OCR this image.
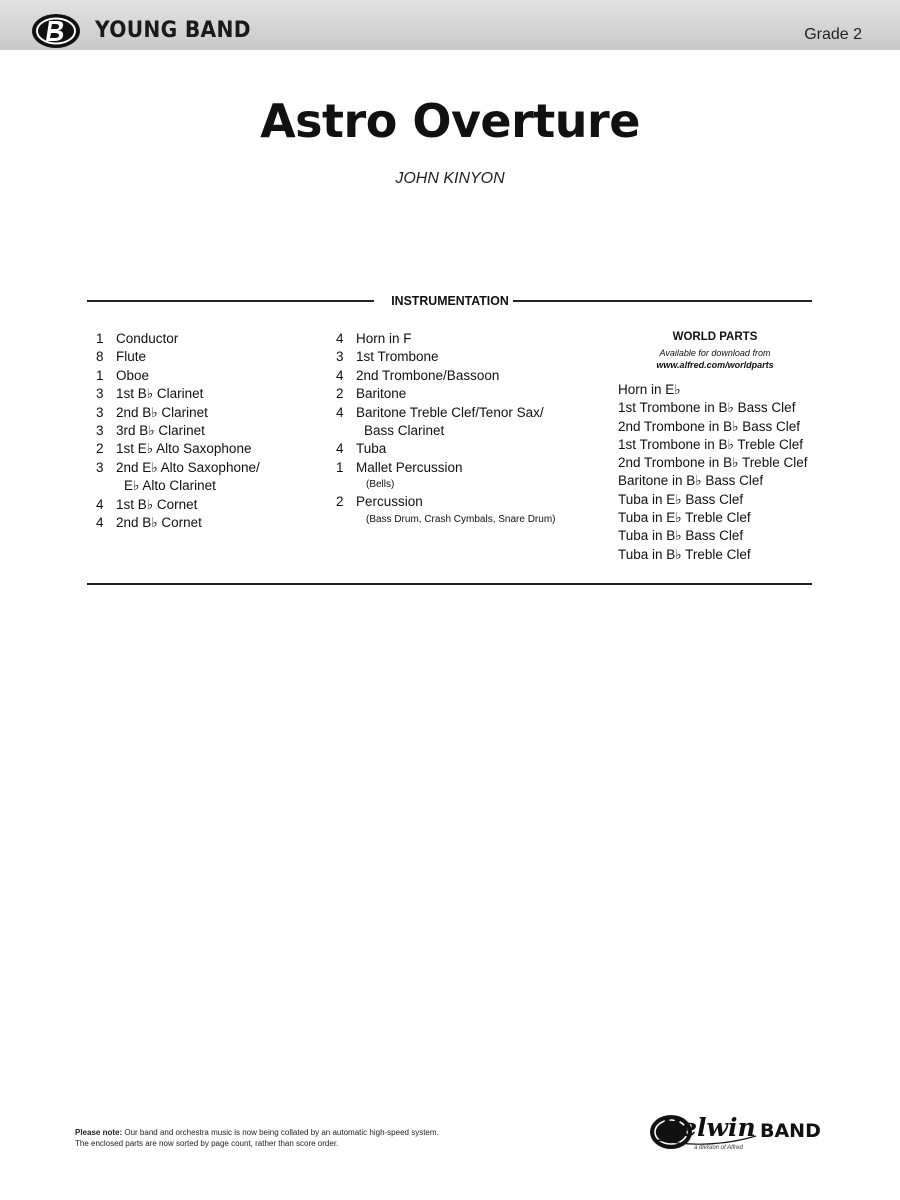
YOUNG BAND	Grade 2
Astro Overture
JOHN KINYON
INSTRUMENTATION
1 Conductor
8 Flute
1 Oboe
3 1st B♭ Clarinet
3 2nd B♭ Clarinet
3 3rd B♭ Clarinet
2 1st E♭ Alto Saxophone
3 2nd E♭ Alto Saxophone/
E♭ Alto Clarinet
4 1st B♭ Cornet
4 2nd B♭ Cornet
4 Horn in F
3 1st Trombone
4 2nd Trombone/Bassoon
2 Baritone
4 Baritone Treble Clef/Tenor Sax/
Bass Clarinet
4 Tuba
1 Mallet Percussion
(Bells)
2 Percussion
(Bass Drum, Crash Cymbals, Snare Drum)
WORLD PARTS
Available for download from
www.alfred.com/worldparts
Horn in E♭
1st Trombone in B♭ Bass Clef
2nd Trombone in B♭ Bass Clef
1st Trombone in B♭ Treble Clef
2nd Trombone in B♭ Treble Clef
Baritone in B♭ Bass Clef
Tuba in E♭ Bass Clef
Tuba in E♭ Treble Clef
Tuba in B♭ Bass Clef
Tuba in B♭ Treble Clef
Please note: Our band and orchestra music is now being collated by an automatic high-speed system.
The enclosed parts are now sorted by page count, rather than score order.
Belwin BAND
a division of Alfred
